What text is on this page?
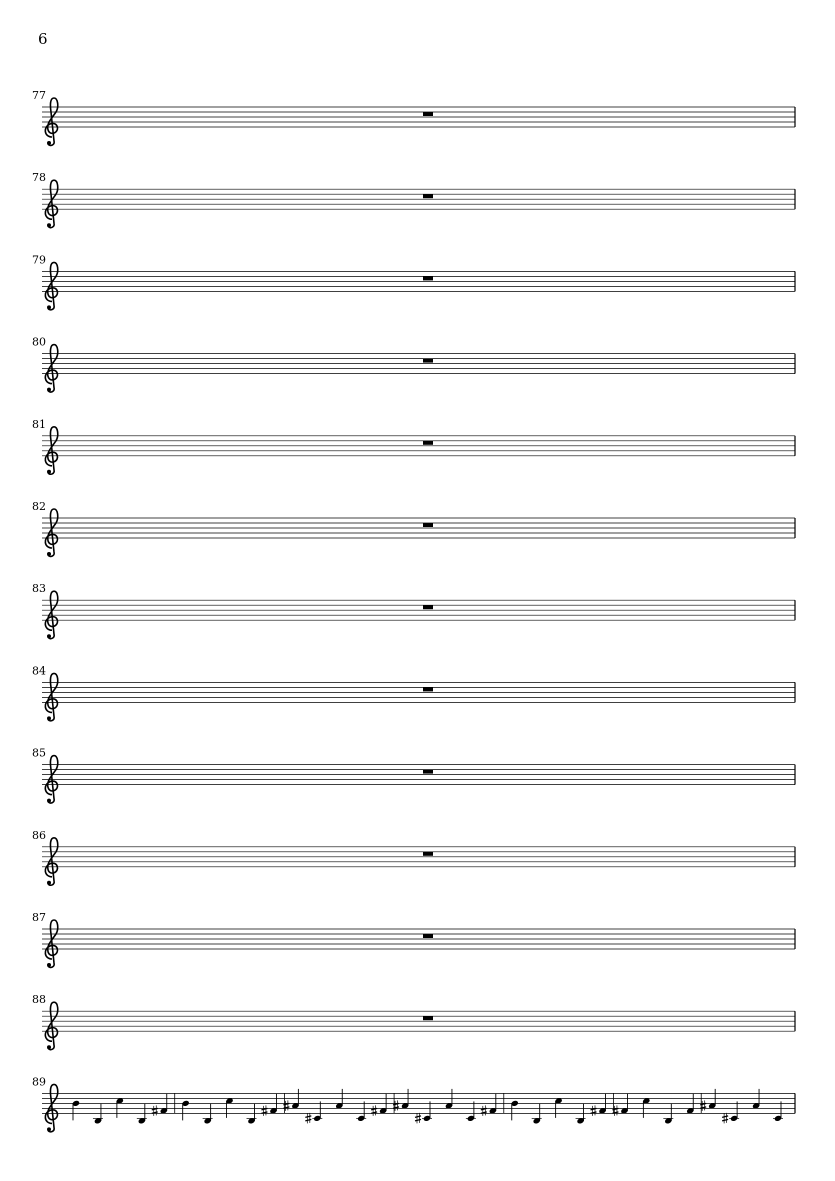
6
77
78
79
80
81
82
83
84
85
86
87
88
89
